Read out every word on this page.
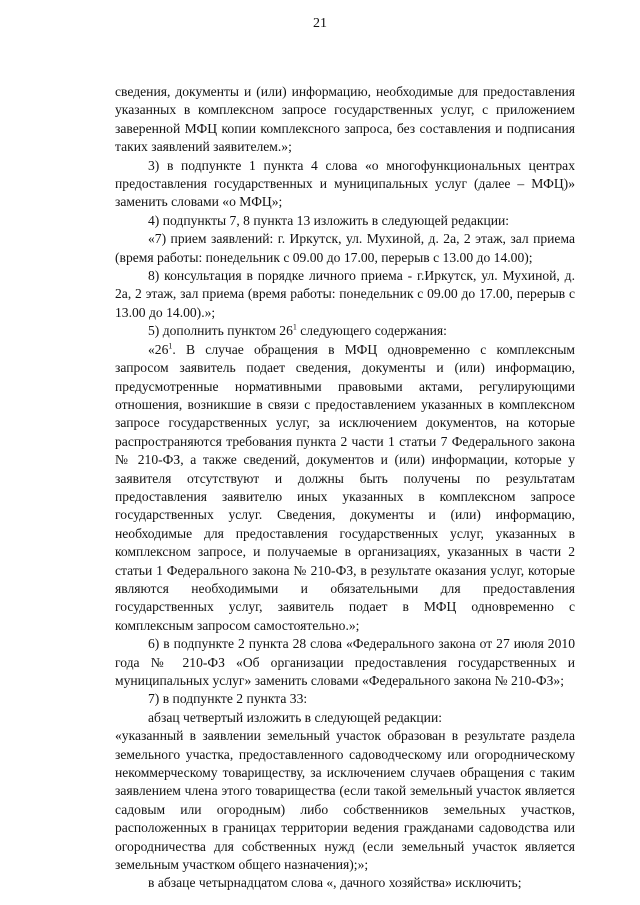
21

сведения, документы и (или) информацию, необходимые для предоставления указанных в комплексном запросе государственных услуг, с приложением заверенной МФЦ копии комплексного запроса, без составления и подписания таких заявлений заявителем.»;

3) в подпункте 1 пункта 4 слова «о многофункциональных центрах предоставления государственных и муниципальных услуг (далее – МФЦ)» заменить словами «о МФЦ»;

4) подпункты 7, 8 пункта 13 изложить в следующей редакции:

«7) прием заявлений: г. Иркутск, ул. Мухиной, д. 2а, 2 этаж, зал приема (время работы: понедельник с 09.00 до 17.00, перерыв с 13.00 до 14.00);

8) консультация в порядке личного приема - г.Иркутск, ул. Мухиной, д. 2а, 2 этаж, зал приема (время работы: понедельник с 09.00 до 17.00, перерыв с 13.00 до 14.00).»;

5) дополнить пунктом $26^1$ следующего содержания:

«$26^1$. В случае обращения в МФЦ одновременно с комплексным запросом заявитель подает сведения, документы и (или) информацию, предусмотренные нормативными правовыми актами, регулирующими отношения, возникшие в связи с предоставлением указанных в комплексном запросе государственных услуг, за исключением документов, на которые распространяются требования пункта 2 части 1 статьи 7 Федерального закона № 210-ФЗ, а также сведений, документов и (или) информации, которые у заявителя отсутствуют и должны быть получены по результатам предоставления заявителю иных указанных в комплексном запросе государственных услуг. Сведения, документы и (или) информацию, необходимые для предоставления государственных услуг, указанных в комплексном запросе, и получаемые в организациях, указанных в части 2 статьи 1 Федерального закона № 210-ФЗ, в результате оказания услуг, которые являются необходимыми и обязательными для предоставления государственных услуг, заявитель подает в МФЦ одновременно с комплексным запросом самостоятельно.»;

6) в подпункте 2 пункта 28 слова «Федерального закона от 27 июля 2010 года № 210-ФЗ «Об организации предоставления государственных и муниципальных услуг» заменить словами «Федерального закона № 210-ФЗ»;

7) в подпункте 2 пункта 33:

абзац четвертый изложить в следующей редакции:

«указанный в заявлении земельный участок образован в результате раздела земельного участка, предоставленного садоводческому или огородническому некоммерческому товариществу, за исключением случаев обращения с таким заявлением члена этого товарищества (если такой земельный участок является садовым или огородным) либо собственников земельных участков, расположенных в границах территории ведения гражданами садоводства или огородничества для собственных нужд (если земельный участок является земельным участком общего назначения);»;

в абзаце четырнадцатом слова «, дачного хозяйства» исключить;
